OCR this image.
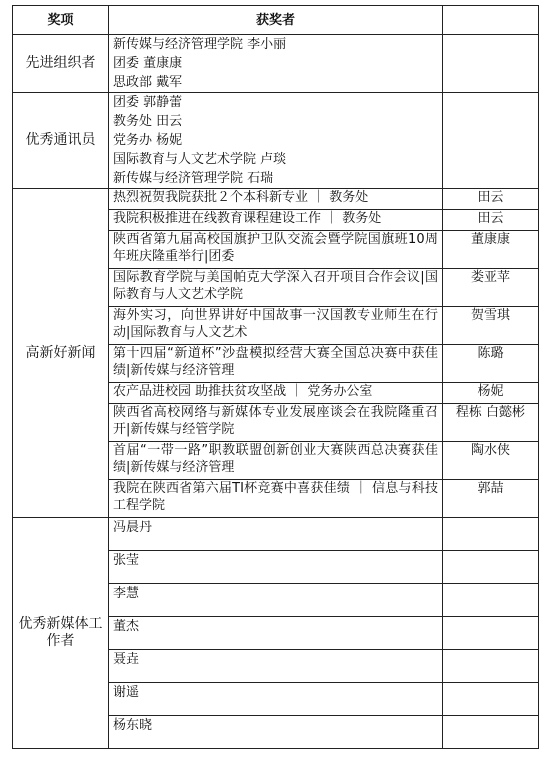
奖项	获奖者	
先进组织者	新传媒与经济管理学院 李小丽
团委 董康康
思政部 戴军	

优秀通讯员	团委 郭静蕾
教务处 田云
党务办 杨妮
国际教育与人文艺术学院 卢琰
新传媒与经济管理学院 石瑞	

高新好新闻	热烈祝贺我院获批２个本科新专业 ｜ 教务处	田云
	我院积极推进在线教育课程建设工作 ｜ 教务处	田云
	陕西省第九届高校国旗护卫队交流会暨学院国旗班10周年班庆隆重举行|团委	董康康
	国际教育学院与美国帕克大学深入召开项目合作会议|国际教育与人文艺术学院	娄亚苹
	海外实习，向世界讲好中国故事一汉国教专业师生在行动|国际教育与人文艺术	贺雪琪
	第十四届“新道杯”沙盘模拟经营大赛全国总决赛中获佳绩|新传媒与经济管理	陈璐
	农产品进校园 助推扶贫攻坚战 ｜ 党务办公室	杨妮
	陕西省高校网络与新媒体专业发展座谈会在我院隆重召开|新传媒与经管学院	程栋 白懿彬
	首届“一带一路”职教联盟创新创业大赛陕西总决赛获佳绩|新传媒与经济管理	陶水侠
	我院在陕西省第六届TI杯竞赛中喜获佳绩 ｜ 信息与科技工程学院	郭喆
优秀新媒体工作者	冯晨丹	
	张莹	
	李慧	
	董杰	
	聂垚	
	谢遥	
	杨东晓	
